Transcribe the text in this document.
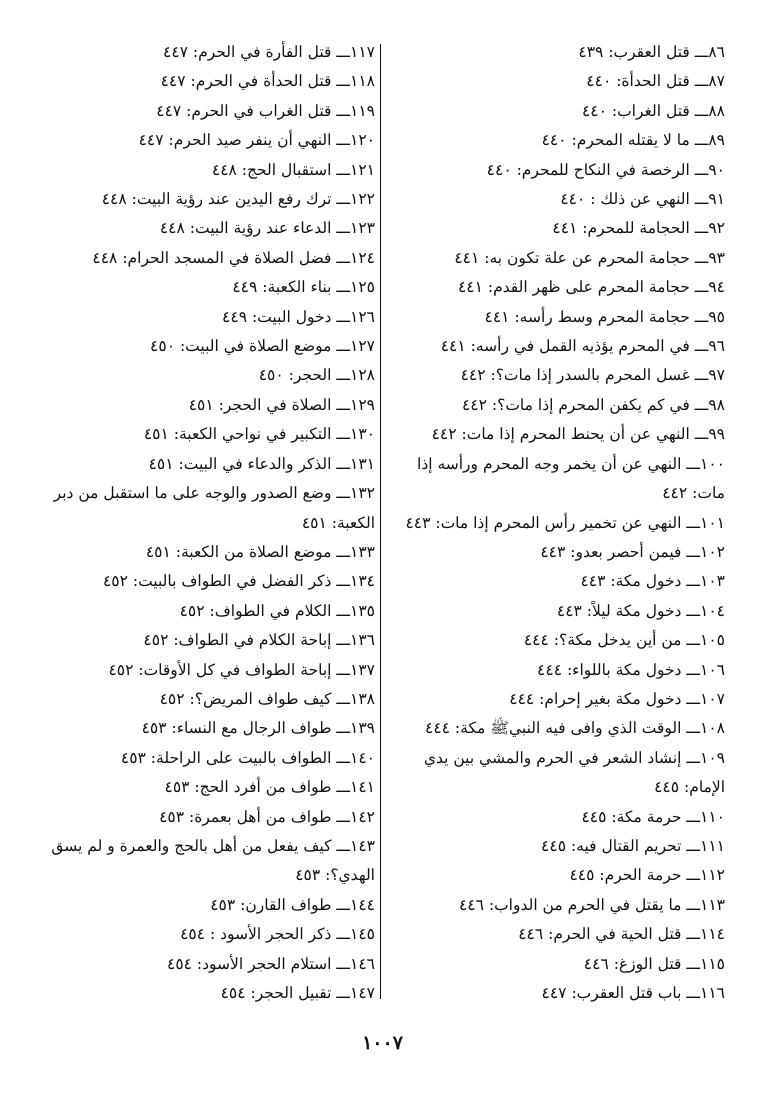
٨٦ـــ قتل العقرب: ٤٣٩
٨٧ـــ قتل الحدأة: ٤٤٠
٨٨ـــ قتل الغراب: ٤٤٠
٨٩ـــ ما لا يقتله المحرم: ٤٤٠
٩٠ـــ الرخصة في النكاح للمحرم: ٤٤٠
٩١ـــ النهي عن ذلك : ٤٤٠
٩٢ـــ الحجامة للمحرم: ٤٤١
٩٣ـــ حجامة المحرم عن علة تكون به: ٤٤١
٩٤ـــ حجامة المحرم على ظهر القدم: ٤٤١
٩٥ـــ حجامة المحرم وسط رأسه: ٤٤١
٩٦ـــ في المحرم يؤذيه القمل في رأسه: ٤٤١
٩٧ـــ غسل المحرم بالسدر إذا مات؟: ٤٤٢
٩٨ـــ في كم يكفن المحرم إذا مات؟: ٤٤٢
٩٩ـــ النهي عن أن يحنط المحرم إذا مات: ٤٤٢
١٠٠ـــ النهي عن أن يخمر وجه المحرم ورأسه إذا مات: ٤٤٢
١٠١ـــ النهي عن تخمير رأس المحرم إذا مات: ٤٤٣
١٠٢ـــ فيمن أحصر بعدو: ٤٤٣
١٠٣ـــ دخول مكة: ٤٤٣
١٠٤ـــ دخول مكة ليلاً: ٤٤٣
١٠٥ـــ من أين يدخل مكة؟: ٤٤٤
١٠٦ـــ دخول مكة باللواء: ٤٤٤
١٠٧ـــ دخول مكة بغير إحرام: ٤٤٤
١٠٨ـــ الوقت الذي وافى فيه النبيﷺ مكة: ٤٤٤
١٠٩ـــ إنشاد الشعر في الحرم والمشي بين يدي الإمام: ٤٤٥
١١٠ـــ حرمة مكة: ٤٤٥
١١١ـــ تحريم القتال فيه: ٤٤٥
١١٢ـــ حرمة الحرم: ٤٤٥
١١٣ـــ ما يقتل في الحرم من الدواب: ٤٤٦
١١٤ـــ قتل الحية في الحرم: ٤٤٦
١١٥ـــ قتل الوزغ: ٤٤٦
١١٦ـــ باب قتل العقرب: ٤٤٧
١١٧ـــ قتل الفأرة في الحرم: ٤٤٧
١١٨ـــ قتل الحدأة في الحرم: ٤٤٧
١١٩ـــ قتل الغراب في الحرم: ٤٤٧
١٢٠ـــ النهي أن ينفر صيد الحرم: ٤٤٧
١٢١ـــ استقبال الحج: ٤٤٨
١٢٢ـــ ترك رفع اليدين عند رؤية البيت: ٤٤٨
١٢٣ـــ الدعاء عند رؤية البيت: ٤٤٨
١٢٤ـــ فضل الصلاة في المسجد الحرام: ٤٤٨
١٢٥ـــ بناء الكعبة: ٤٤٩
١٢٦ـــ دخول البيت: ٤٤٩
١٢٧ـــ موضع الصلاة في البيت: ٤٥٠
١٢٨ـــ الحجر: ٤٥٠
١٢٩ـــ الصلاة في الحجر: ٤٥١
١٣٠ـــ التكبير في نواحي الكعبة: ٤٥١
١٣١ـــ الذكر والدعاء في البيت: ٤٥١
١٣٢ـــ وضع الصدور والوجه على ما استقبل من دبر الكعبة: ٤٥١
١٣٣ـــ موضع الصلاة من الكعبة: ٤٥١
١٣٤ـــ ذكر الفضل في الطواف بالبيت: ٤٥٢
١٣٥ـــ الكلام في الطواف: ٤٥٢
١٣٦ـــ إباحة الكلام في الطواف: ٤٥٢
١٣٧ـــ إباحة الطواف في كل الأوقات: ٤٥٢
١٣٨ـــ كيف طواف المريض؟: ٤٥٢
١٣٩ـــ طواف الرجال مع النساء: ٤٥٣
١٤٠ـــ الطواف بالبيت على الراحلة: ٤٥٣
١٤١ـــ طواف من أفرد الحج: ٤٥٣
١٤٢ـــ طواف من أهل بعمرة: ٤٥٣
١٤٣ـــ كيف يفعل من أهل بالحج والعمرة و لم يسق الهدي؟: ٤٥٣
١٤٤ـــ طواف القارن: ٤٥٣
١٤٥ـــ ذكر الحجر الأسود : ٤٥٤
١٤٦ـــ استلام الحجر الأسود: ٤٥٤
١٤٧ـــ تقبيل الحجر: ٤٥٤
١٠٠٧
